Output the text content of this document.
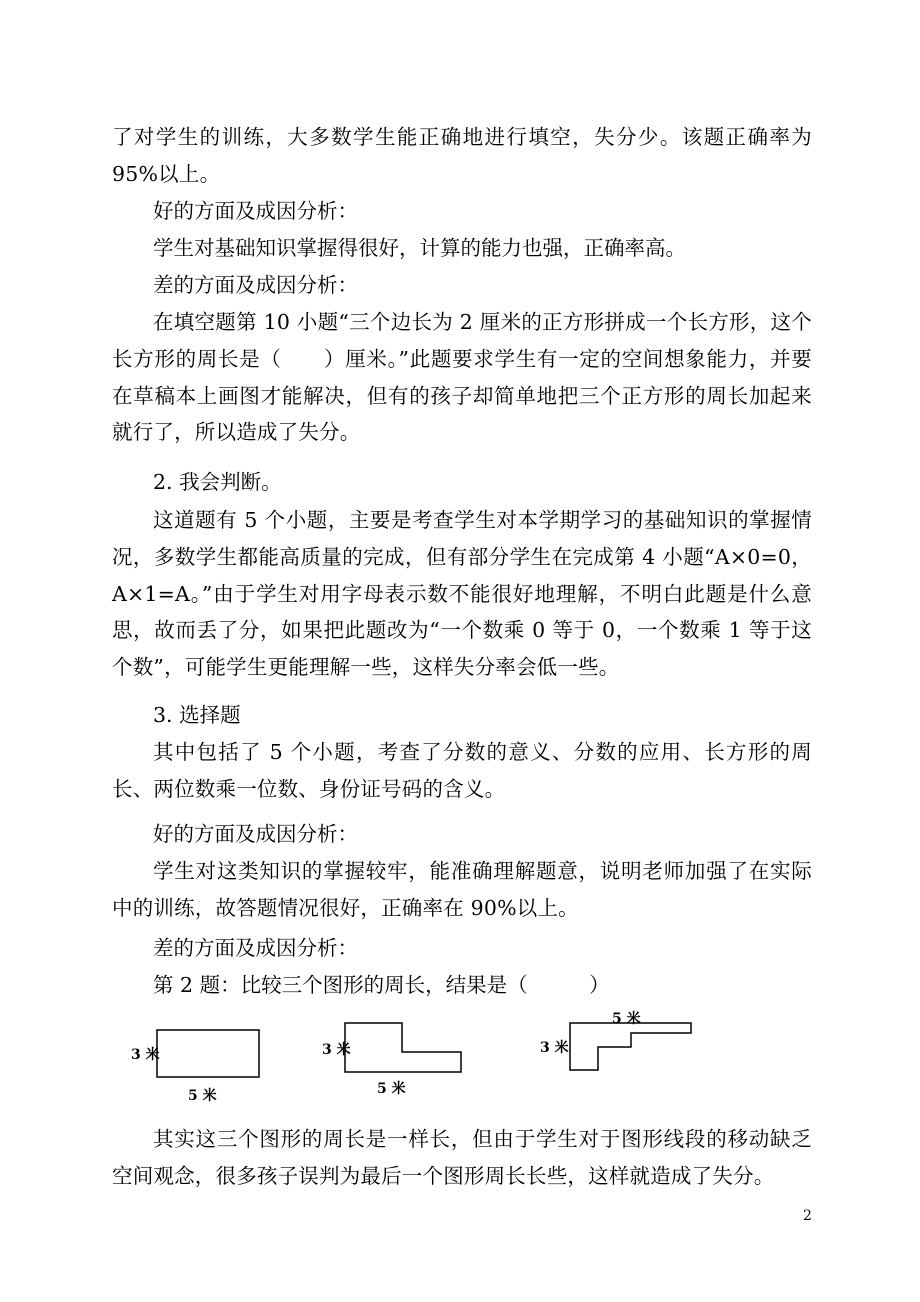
了对学生的训练，大多数学生能正确地进行填空，失分少。该题正确率为 95%以上。

好的方面及成因分析：

学生对基础知识掌握得很好，计算的能力也强，正确率高。

差的方面及成因分析：

在填空题第 10 小题“三个边长为 2 厘米的正方形拼成一个长方形，这个长方形的周长是（　　）厘米。”此题要求学生有一定的空间想象能力，并要在草稿本上画图才能解决，但有的孩子却简单地把三个正方形的周长加起来就行了，所以造成了失分。

2. 我会判断。

这道题有 5 个小题，主要是考查学生对本学期学习的基础知识的掌握情况，多数学生都能高质量的完成，但有部分学生在完成第 4 小题“A×0=0，A×1=A。”由于学生对用字母表示数不能很好地理解，不明白此题是什么意思，故而丢了分，如果把此题改为“一个数乘 0 等于 0，一个数乘 1 等于这个数”，可能学生更能理解一些，这样失分率会低一些。

3. 选择题

其中包括了 5 个小题，考查了分数的意义、分数的应用、长方形的周长、两位数乘一位数、身份证号码的含义。

好的方面及成因分析：

学生对这类知识的掌握较牢，能准确理解题意，说明老师加强了在实际中的训练，故答题情况很好，正确率在 90%以上。

差的方面及成因分析：

第 2 题：比较三个图形的周长，结果是（　　　）

3 米
5 米
3 米
5 米
3 米
5 米

其实这三个图形的周长是一样长，但由于学生对于图形线段的移动缺乏空间观念，很多孩子误判为最后一个图形周长长些，这样就造成了失分。

2
